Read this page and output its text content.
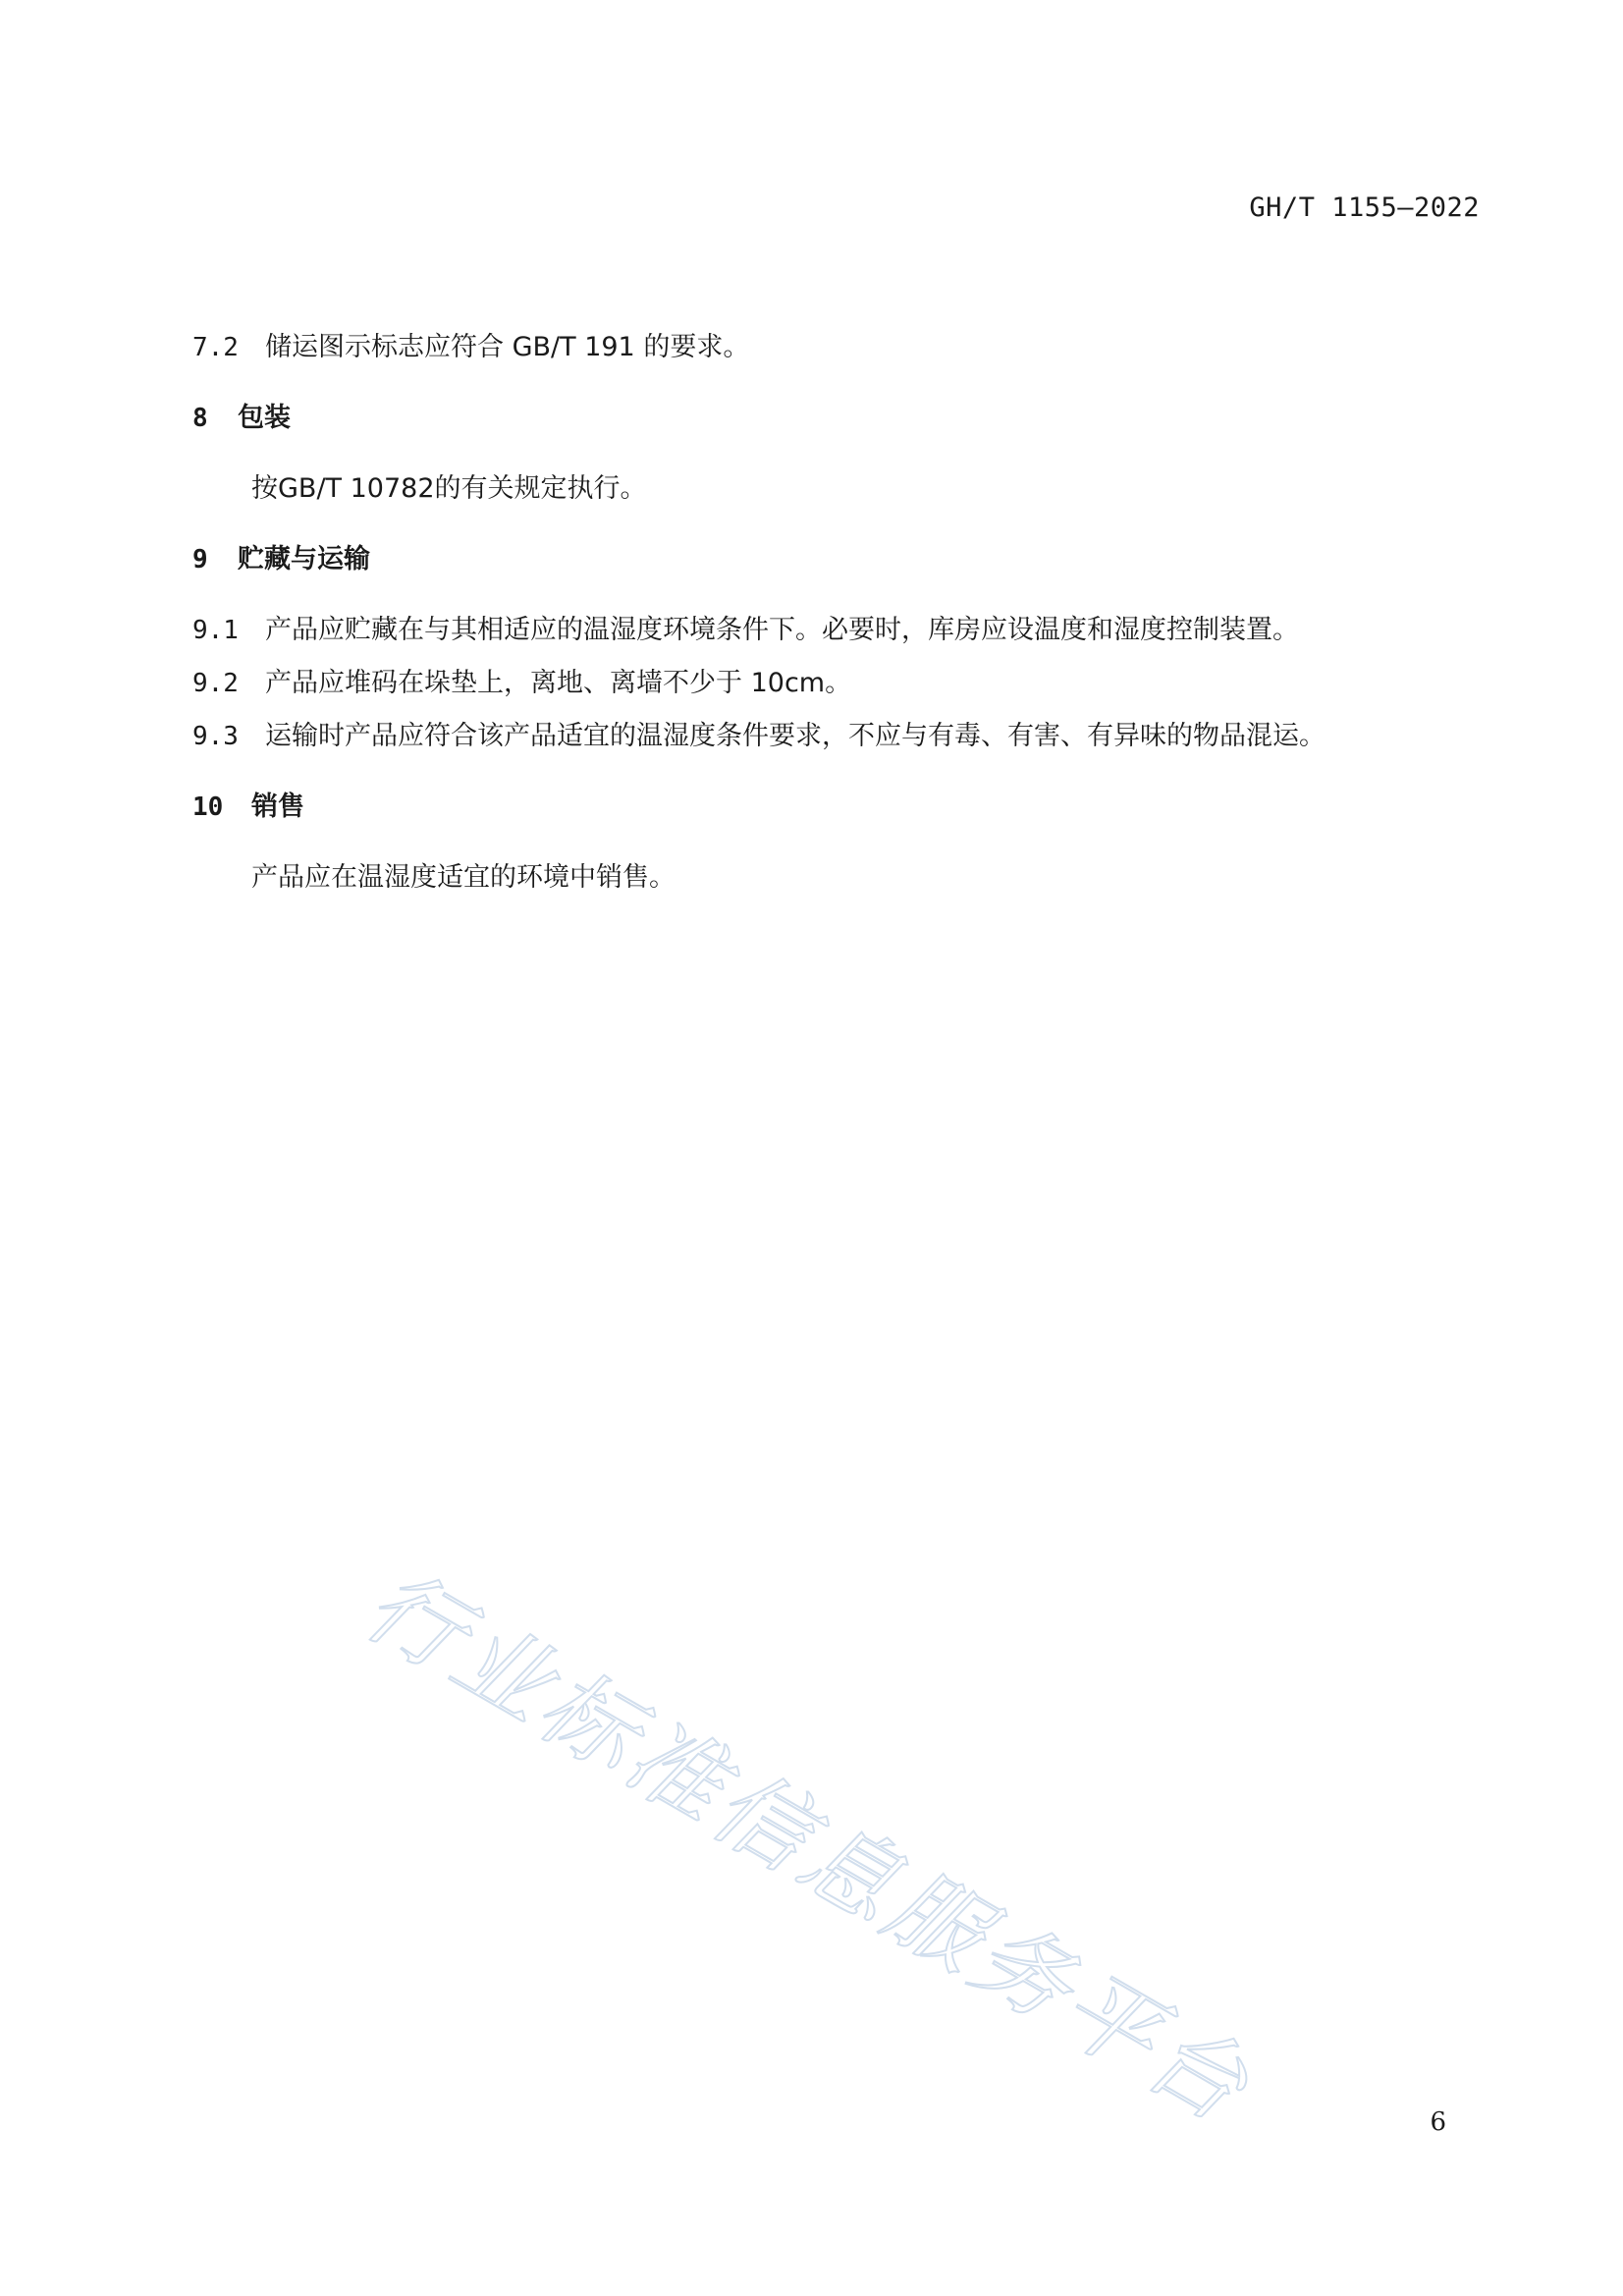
GH/T 1155—2022
7.2 储运图示标志应符合 GB/T 191 的要求。
8 包装
按GB/T 10782的有关规定执行。
9 贮藏与运输
9.1 产品应贮藏在与其相适应的温湿度环境条件下。必要时，库房应设温度和湿度控制装置。
9.2 产品应堆码在垛垫上，离地、离墙不少于 10cm。
9.3 运输时产品应符合该产品适宜的温湿度条件要求，不应与有毒、有害、有异味的物品混运。
10 销售
产品应在温湿度适宜的环境中销售。
行业标准信息服务平台	6
